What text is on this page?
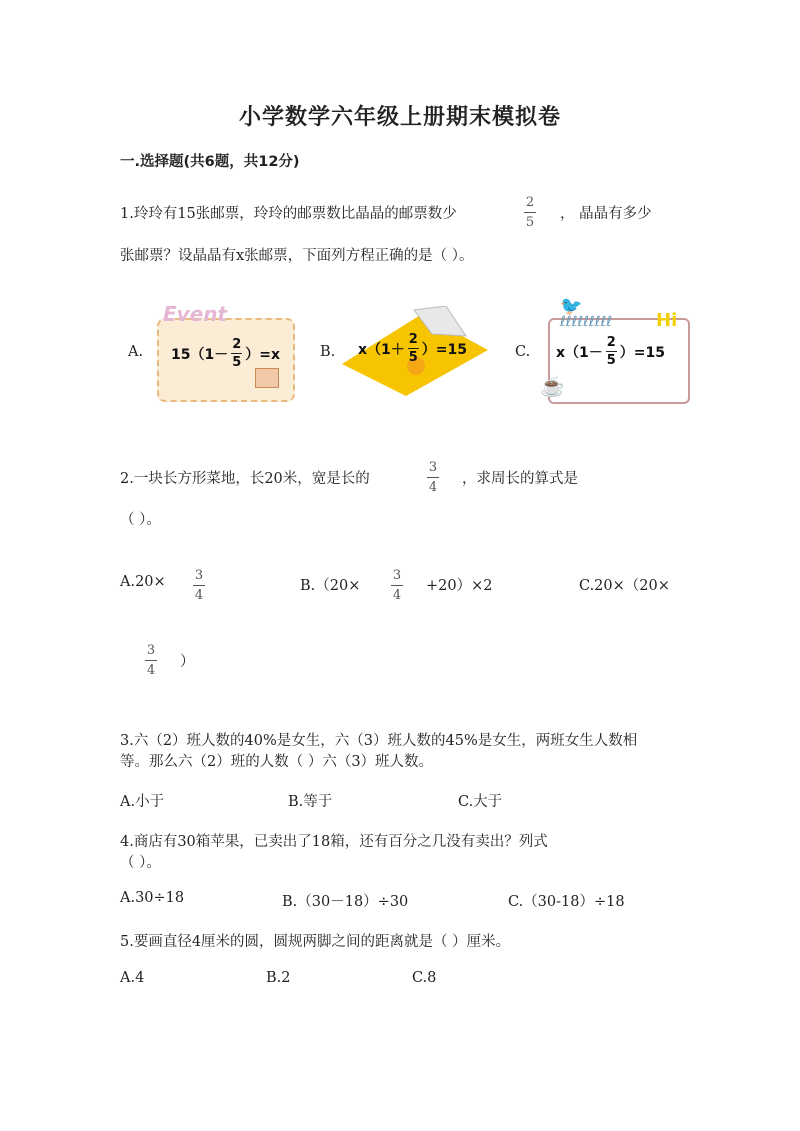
小学数学六年级上册期末模拟卷
一.选择题(共6题，共12分)
1.玲玲有15张邮票，玲玲的邮票数比晶晶的邮票数少
2
5
， 晶晶有多少
张邮票？设晶晶有x张邮票，下面列方程正确的是（ ）。
A.
Event
$15(1- \frac{2}{5} )=x$	B. $x(1+ \frac{2}{5} )=15$	C.
ℓℓℓℓℓℓℓℓℓ Hi
$x(1- \frac{2}{5} )=15$
🐦
☕
2.一块长方形菜地，长20米，宽是长的
3
4
，求周长的算式是
（ ）。
A.20× 3
4
B.（20×
3
4
+20）×2	C.20×（20×
3
4
）
3.六（2）班人数的40%是女生，六（3）班人数的45%是女生，两班女生人数相
等。那么六（2）班的人数（ ）六（3）班人数。
A.小于	B.等于	C.大于
4.商店有30箱苹果，已卖出了18箱，还有百分之几没有卖出？列式
（ ）。
A.30÷18	B.（30－18）÷30	C.（30-18）÷18
5.要画直径4厘米的圆，圆规两脚之间的距离就是（ ）厘米。
A.4	B.2	C.8
